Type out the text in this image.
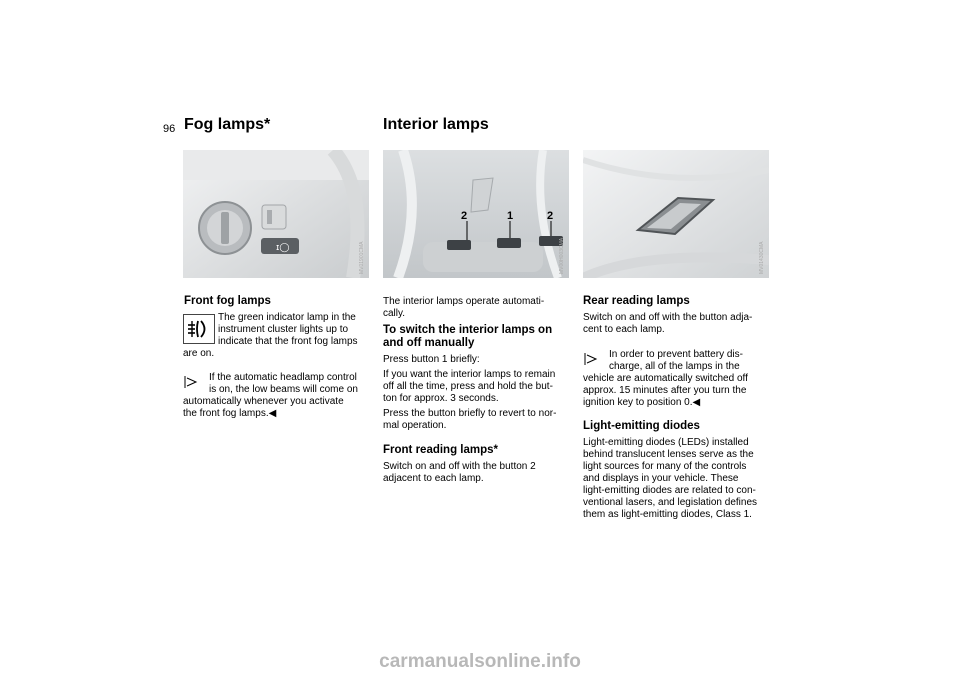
96 Fog lamps*	Interior lamps
ɪ◯	MV01901CMA
2	1	2
MV00H003CMA	MV01430CMA
Front fog lamps
The green indicator lamp in the
instrument cluster lights up to
indicate that the front fog lamps
are on.
If the automatic headlamp control
is on, the low beams will come on
automatically whenever you activate
the front fog lamps.◀
The interior lamps operate automati-
cally.
To switch the interior lamps on
and off manually
Press button 1 briefly:
If you want the interior lamps to remain
off all the time, press and hold the but-
ton for approx. 3 seconds.
Press the button briefly to revert to nor-
mal operation.
Front reading lamps*
Switch on and off with the button 2
adjacent to each lamp.
Rear reading lamps
Switch on and off with the button adja-
cent to each lamp.
In order to prevent battery dis-
charge, all of the lamps in the
vehicle are automatically switched off
approx. 15 minutes after you turn the
ignition key to position 0.◀
Light-emitting diodes
Light-emitting diodes (LEDs) installed
behind translucent lenses serve as the
light sources for many of the controls
and displays in your vehicle. These
light-emitting diodes are related to con-
ventional lasers, and legislation defines
them as light-emitting diodes, Class 1.
carmanualsonline.info
